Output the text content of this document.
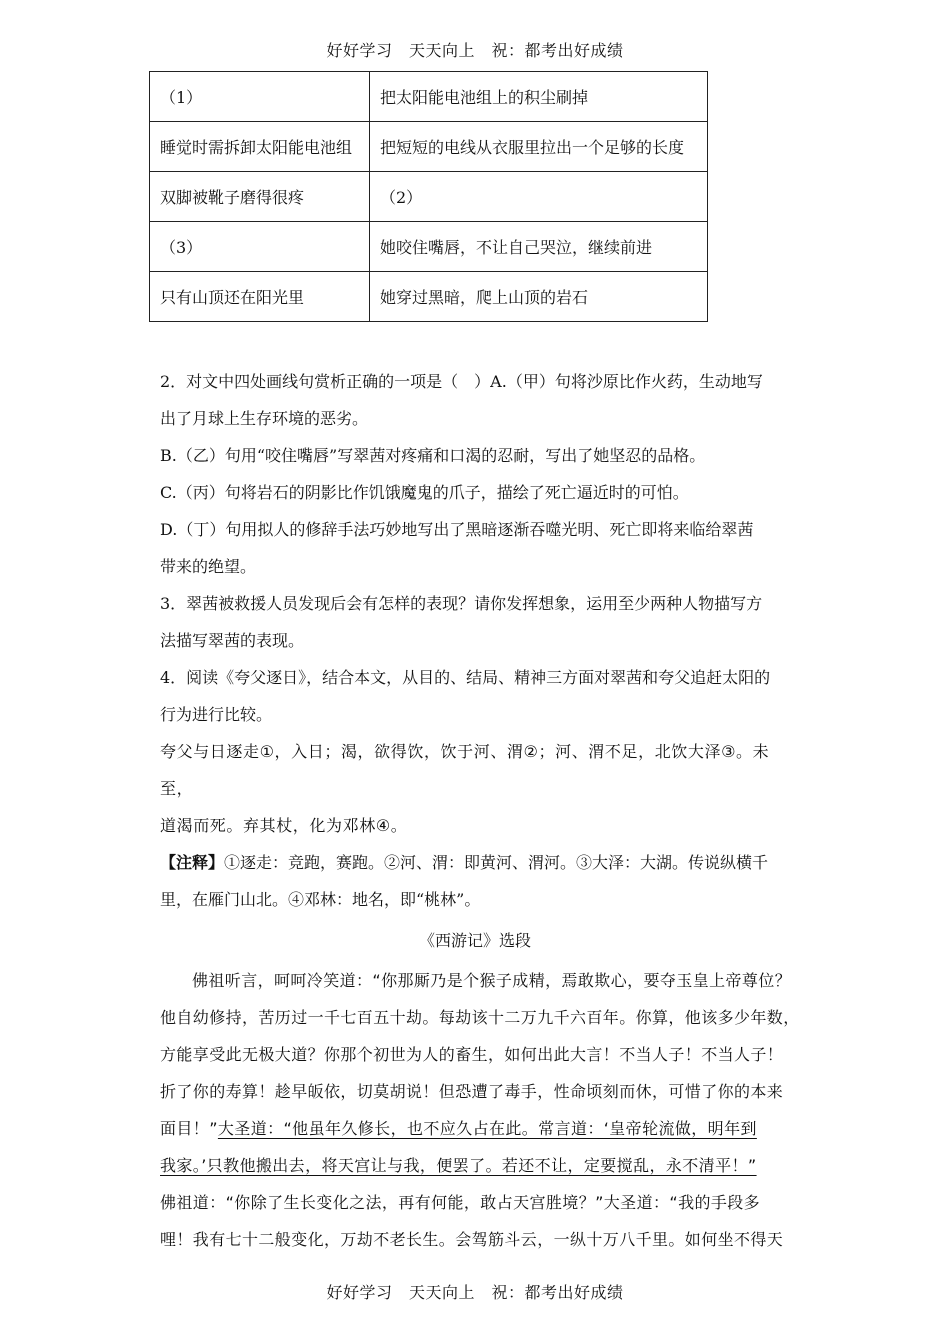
好好学习　天天向上　祝：都考出好成绩
（1）	把太阳能电池组上的积尘刷掉
睡觉时需拆卸太阳能电池组	把短短的电线从衣服里拉出一个足够的长度
双脚被靴子磨得很疼	（2）
（3）	她咬住嘴唇，不让自己哭泣，继续前进
只有山顶还在阳光里	她穿过黑暗，爬上山顶的岩石
2．对文中四处画线句赏析正确的一项是（　）A.（甲）句将沙原比作火药，生动地写
出了月球上生存环境的恶劣。
B.（乙）句用“咬住嘴唇”写翠茜对疼痛和口渴的忍耐，写出了她坚忍的品格。
C.（丙）句将岩石的阴影比作饥饿魔鬼的爪子，描绘了死亡逼近时的可怕。
D.（丁）句用拟人的修辞手法巧妙地写出了黑暗逐渐吞噬光明、死亡即将来临给翠茜
带来的绝望。
3．翠茜被救援人员发现后会有怎样的表现？请你发挥想象，运用至少两种人物描写方
法描写翠茜的表现。
4．阅读《夸父逐日》，结合本文，从目的、结局、精神三方面对翠茜和夸父追赶太阳的
行为进行比较。
夸父与日逐走①，入日；渴，欲得饮，饮于河、渭②；河、渭不足，北饮大泽③。未至，
道渴而死。弃其杖，化为邓林④。
【注释】①逐走：竞跑，赛跑。②河、渭：即黄河、渭河。③大泽：大湖。传说纵横千
里，在雁门山北。④邓林：地名，即“桃林”。
《西游记》选段

佛祖听言，呵呵冷笑道：“你那厮乃是个猴子成精，焉敢欺心，要夺玉皇上帝尊位？

他自幼修持，苦历过一千七百五十劫。每劫该十二万九千六百年。你算，他该多少年数，
方能享受此无极大道？你那个初世为人的畜生，如何出此大言！不当人子！不当人子！
折了你的寿算！趁早皈依，切莫胡说！但恐遭了毒手，性命顷刻而休，可惜了你的本来
面目！”大圣道：“他虽年久修长，也不应久占在此。常言道：‘皇帝轮流做，明年到
我家。’只教他搬出去，将天宫让与我，便罢了。若还不让，定要搅乱，永不清平！”
佛祖道：“你除了生长变化之法，再有何能，敢占天宫胜境？”大圣道：“我的手段多
哩！我有七十二般变化，万劫不老长生。会驾筋斗云，一纵十万八千里。如何坐不得天
好好学习　天天向上　祝：都考出好成绩
